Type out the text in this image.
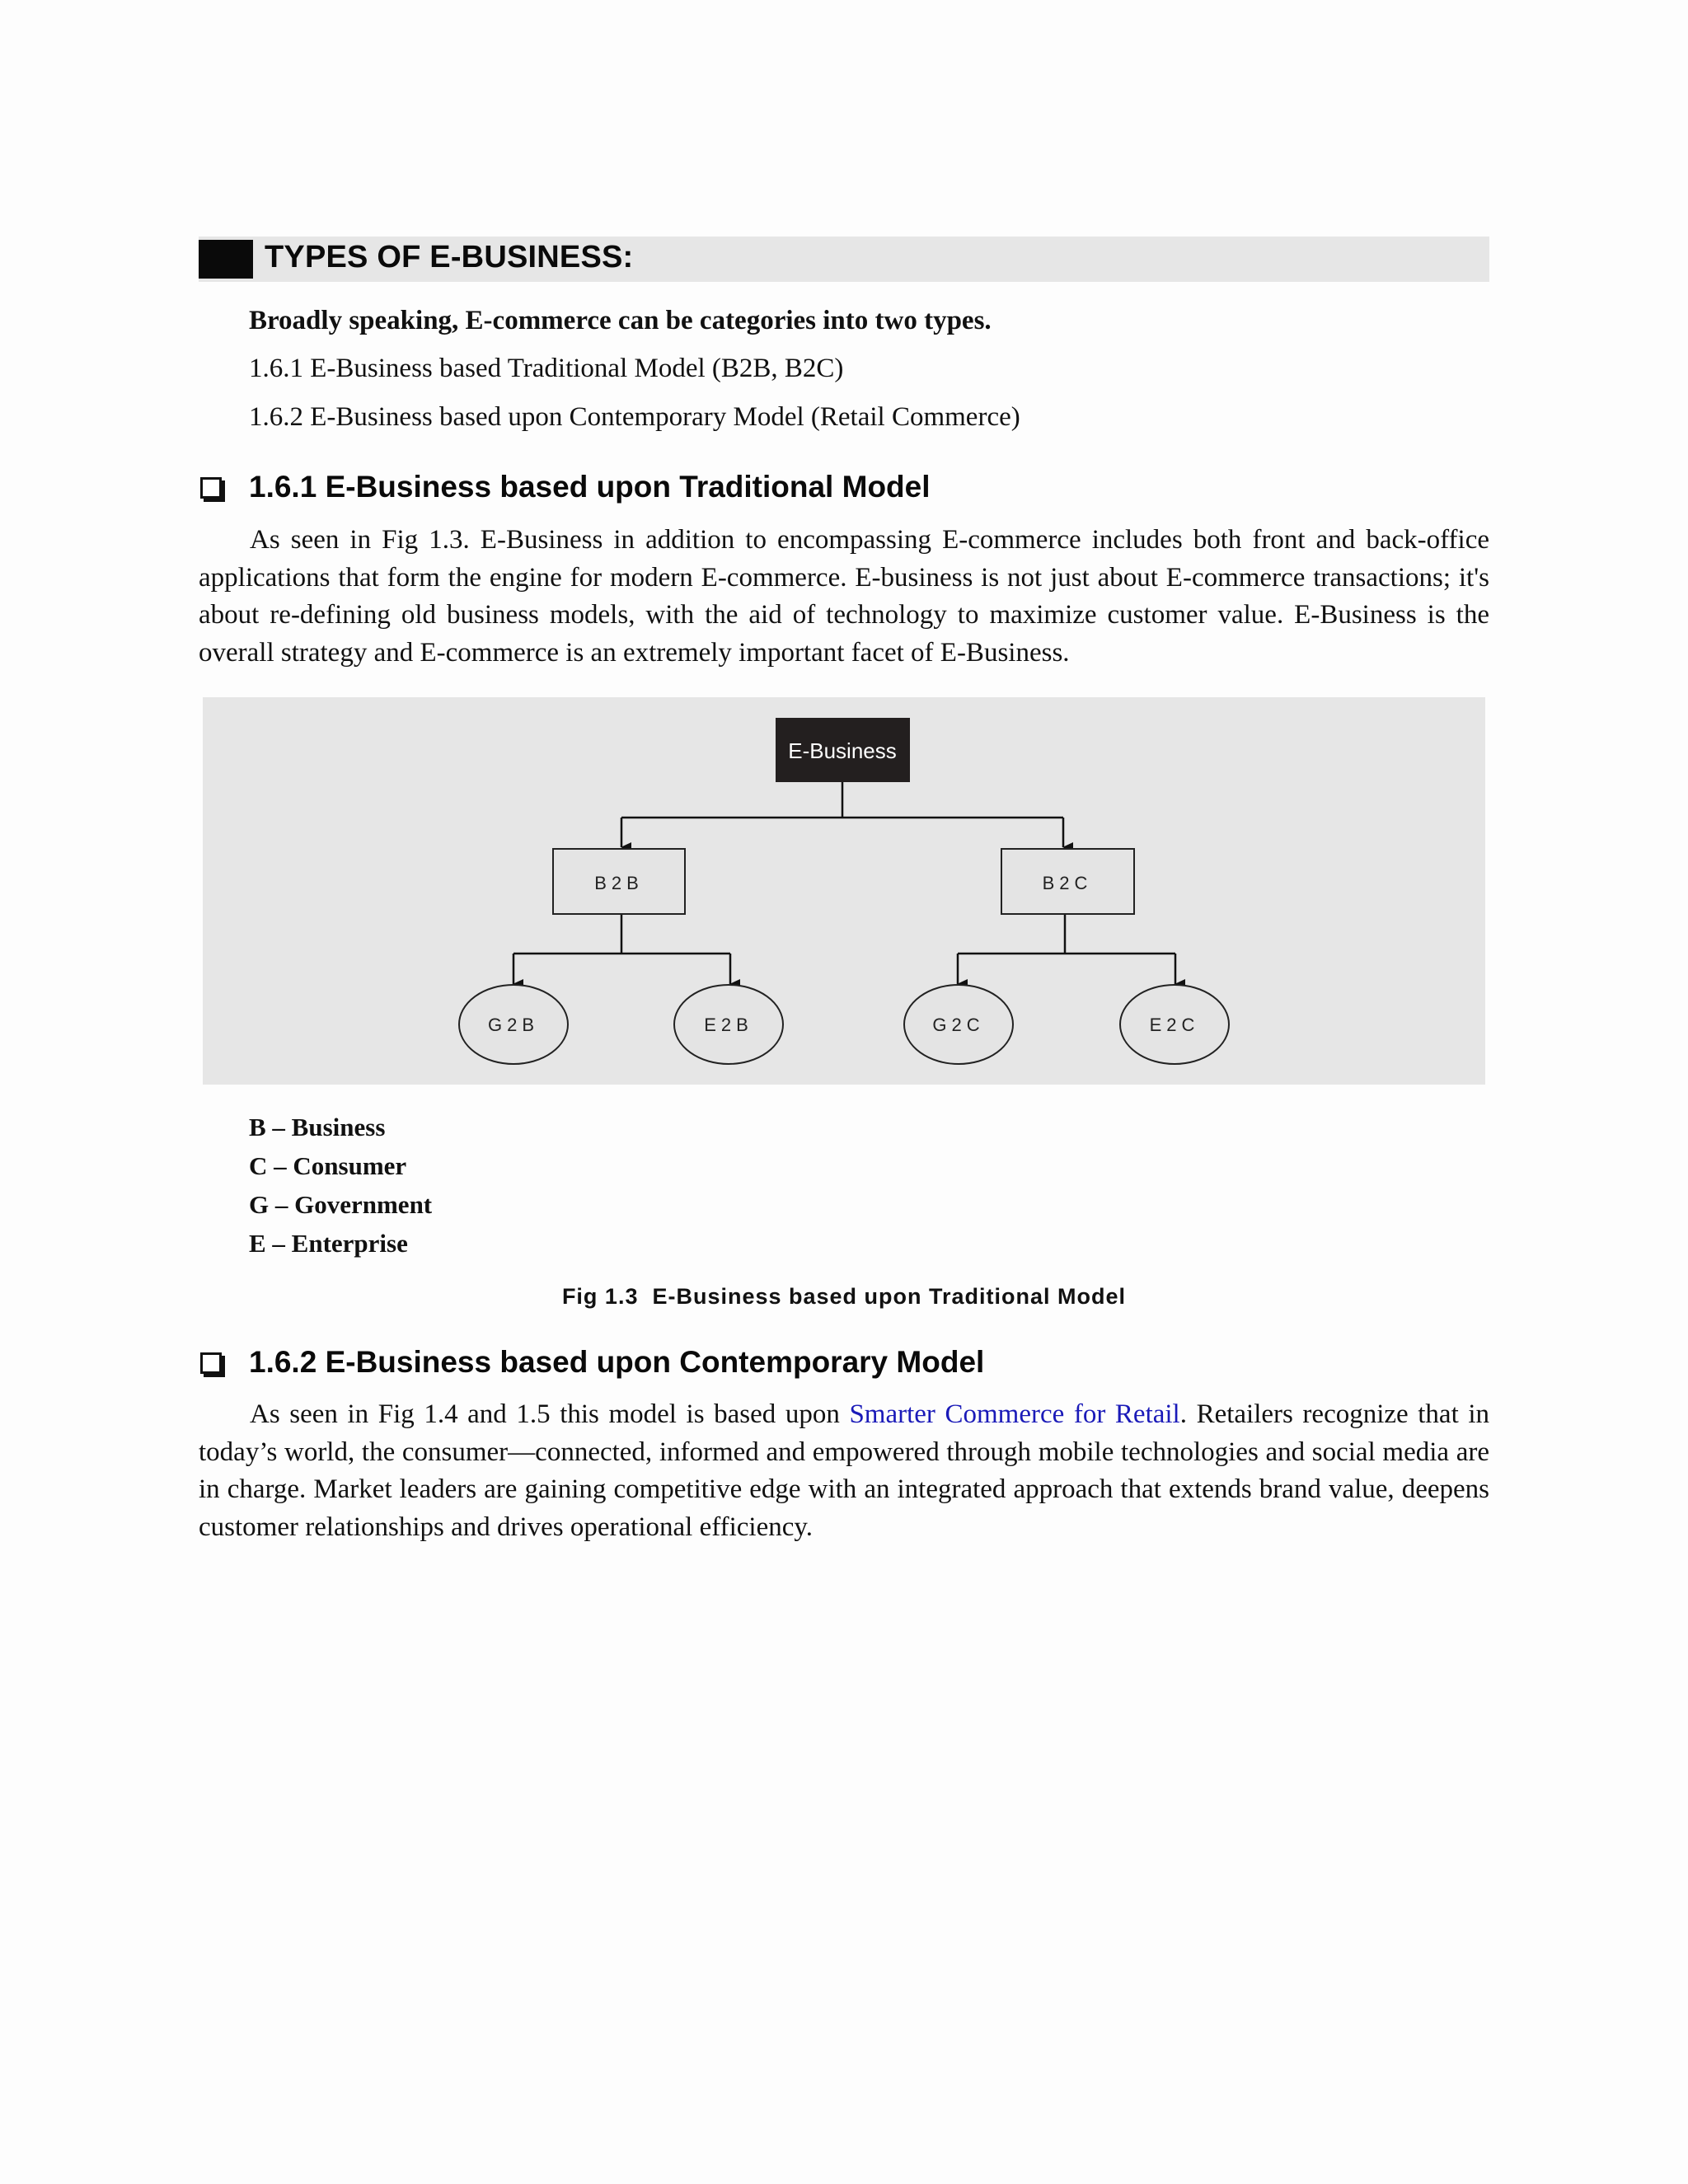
TYPES OF E-BUSINESS:
Broadly speaking, E-commerce can be categories into two types.
1.6.1 E-Business based Traditional Model (B2B, B2C)
1.6.2 E-Business based upon Contemporary Model (Retail Commerce)
1.6.1 E-Business based upon Traditional Model
As seen in Fig 1.3. E-Business in addition to encompassing E-commerce includes both front and back-office applications that form the engine for modern E-commerce. E-business is not just about E-commerce transactions; it's about re-defining old business models, with the aid of technology to maximize customer value. E-Business is the overall strategy and E-commerce is an extremely important facet of E-Business.
E-Business
B2B	B2C
G2B	E2B	G2C	E2C
B – Business
C – Consumer
G – Government
E – Enterprise
Fig 1.3  E-Business based upon Traditional Model
1.6.2 E-Business based upon Contemporary Model
As seen in Fig 1.4 and 1.5 this model is based upon Smarter Commerce for Retail. Retailers recognize that in today’s world, the consumer—connected, informed and empowered through mobile technologies and social media are in charge. Market leaders are gaining competitive edge with an integrated approach that extends brand value, deepens customer relationships and drives operational efficiency.
